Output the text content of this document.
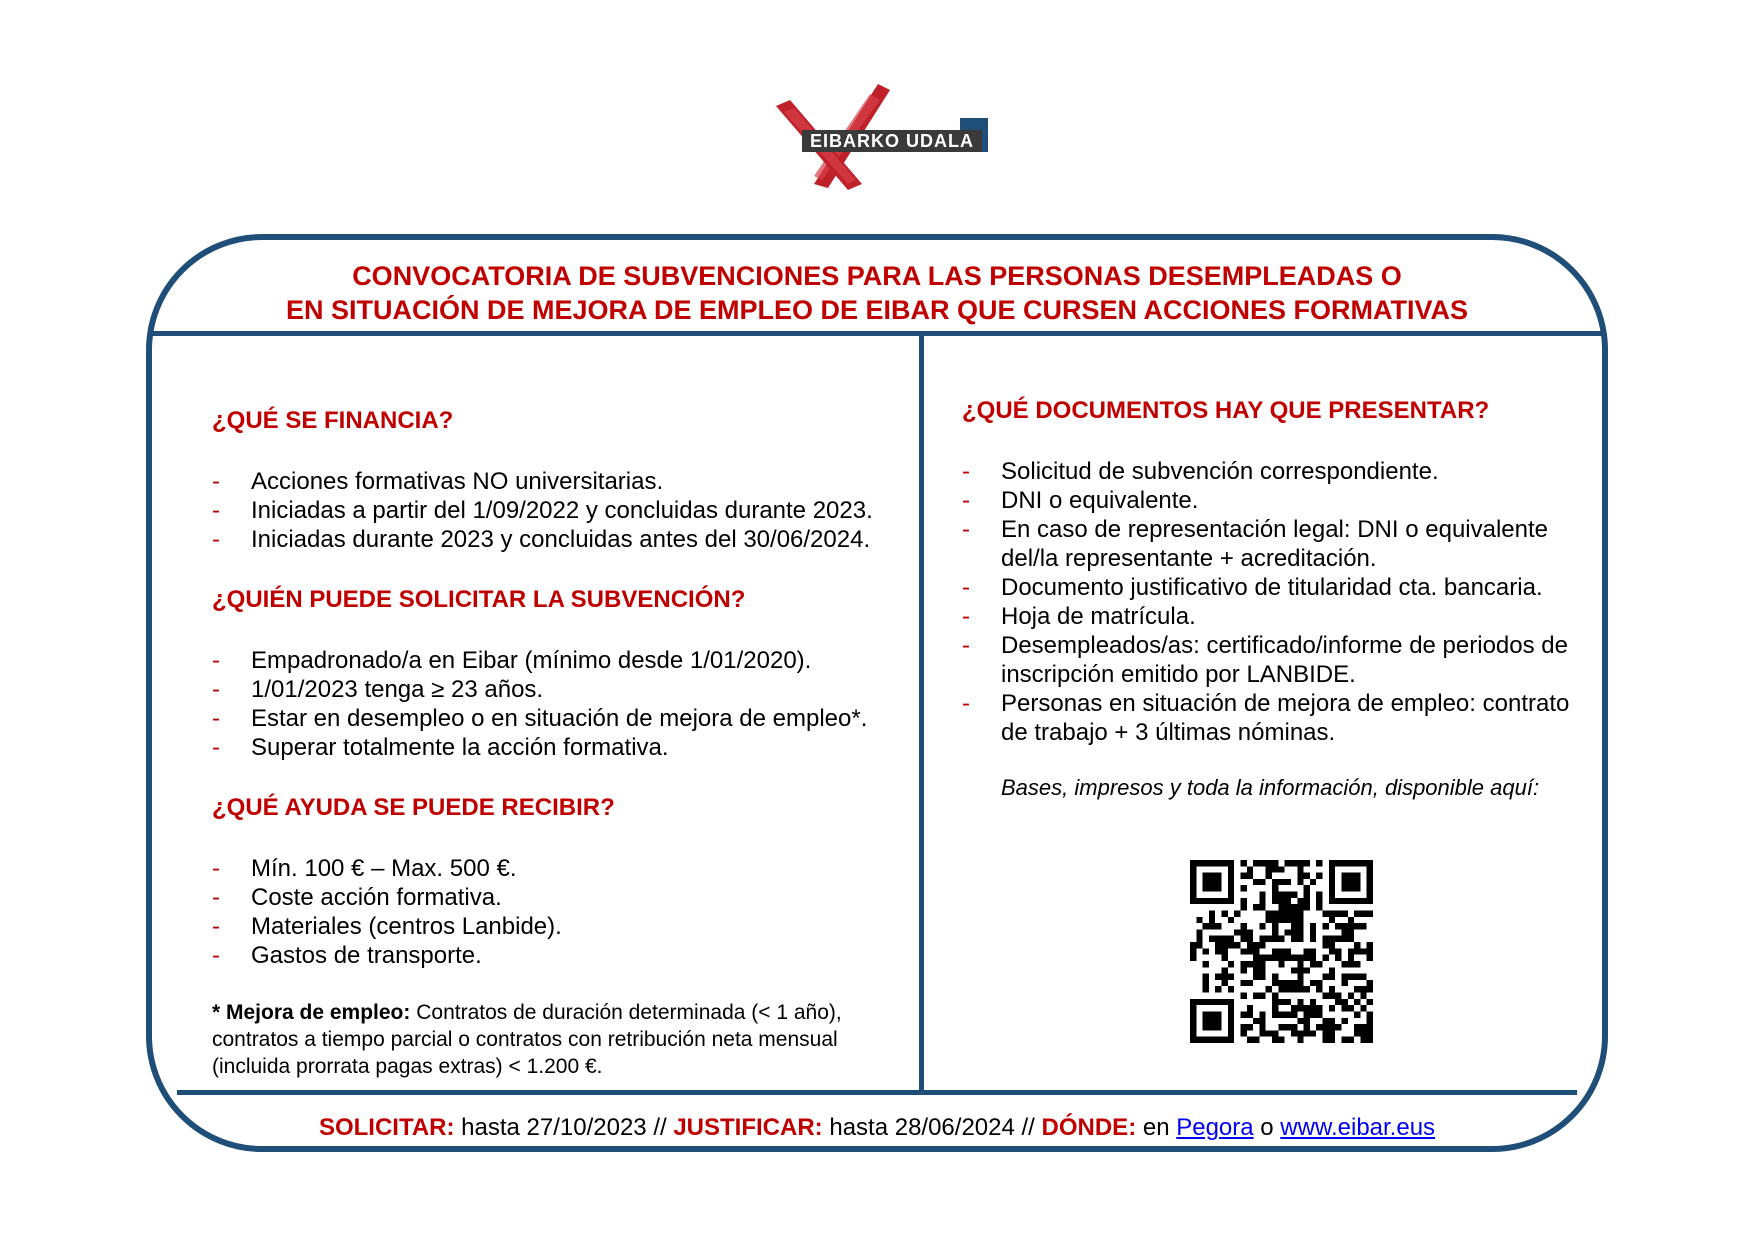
EIBARKO UDALA
CONVOCATORIA DE SUBVENCIONES PARA LAS PERSONAS DESEMPLEADAS O
EN SITUACIÓN DE MEJORA DE EMPLEO DE EIBAR QUE CURSEN ACCIONES FORMATIVAS
¿QUÉ SE FINANCIA?
- Acciones formativas NO universitarias.
- Iniciadas a partir del 1/09/2022 y concluidas durante 2023.
- Iniciadas durante 2023 y concluidas antes del 30/06/2024.
¿QUIÉN PUEDE SOLICITAR LA SUBVENCIÓN?
- Empadronado/a en Eibar (mínimo desde 1/01/2020).
- 1/01/2023 tenga ≥ 23 años.
- Estar en desempleo o en situación de mejora de empleo*.
- Superar totalmente la acción formativa.
¿QUÉ AYUDA SE PUEDE RECIBIR?
- Mín. 100 € – Max. 500 €.
- Coste acción formativa.
- Materiales (centros Lanbide).
- Gastos de transporte.
* Mejora de empleo: Contratos de duración determinada (< 1 año), contratos a tiempo parcial o contratos con retribución neta mensual (incluida prorrata pagas extras) < 1.200 €.
¿QUÉ DOCUMENTOS HAY QUE PRESENTAR?
- Solicitud de subvención correspondiente.
- DNI o equivalente.
- En caso de representación legal: DNI o equivalente del/la representante + acreditación.
- Documento justificativo de titularidad cta. bancaria.
- Hoja de matrícula.
- Desempleados/as: certificado/informe de periodos de inscripción emitido por LANBIDE.
- Personas en situación de mejora de empleo: contrato de trabajo + 3 últimas nóminas.
Bases, impresos y toda la información, disponible aquí:
SOLICITAR: hasta 27/10/2023 // JUSTIFICAR: hasta 28/06/2024 // DÓNDE: en Pegora o www.eibar.eus
